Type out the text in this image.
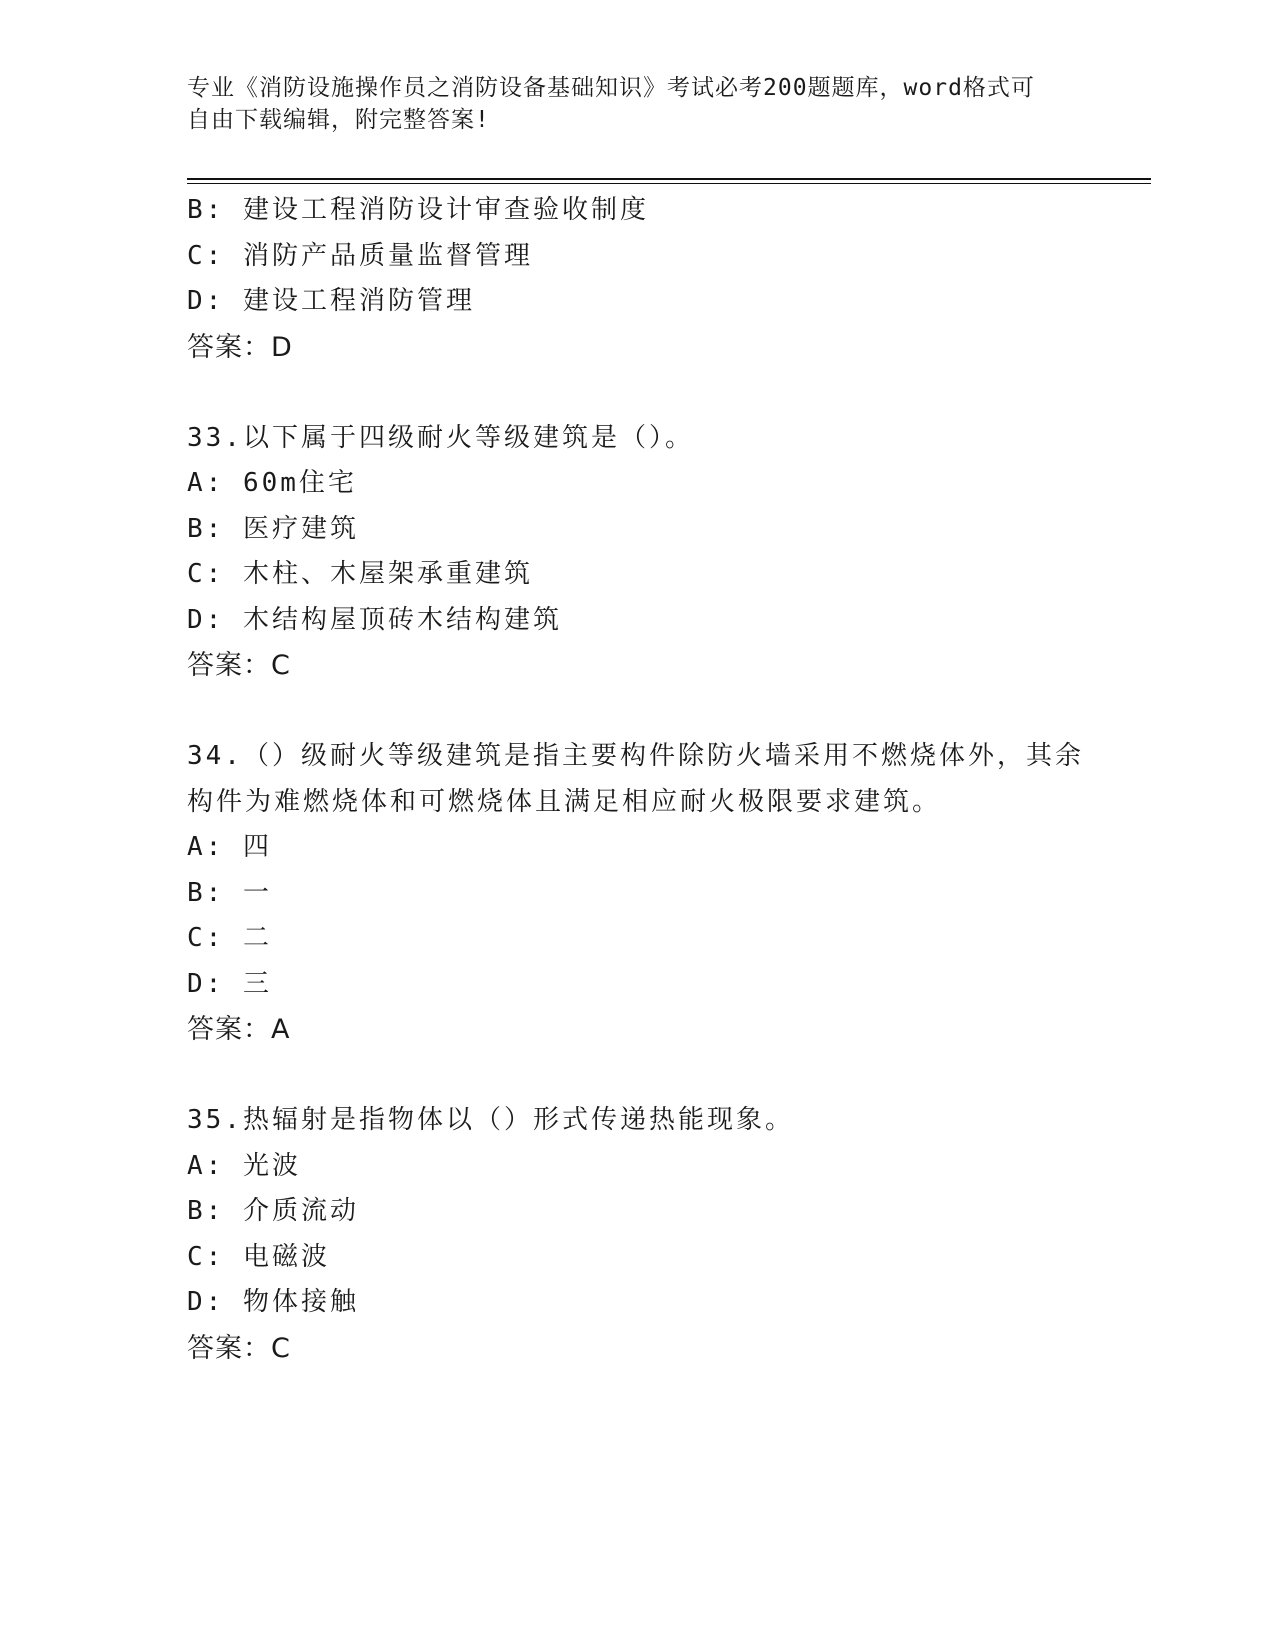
专业《消防设施操作员之消防设备基础知识》考试必考200题题库，word格式可
自由下载编辑，附完整答案!
B: 建设工程消防设计审查验收制度
C: 消防产品质量监督管理
D: 建设工程消防管理
答案：D
33.以下属于四级耐火等级建筑是（）。
A: 60m住宅
B: 医疗建筑
C: 木柱、木屋架承重建筑
D: 木结构屋顶砖木结构建筑
答案：C
34.（）级耐火等级建筑是指主要构件除防火墙采用不燃烧体外，其余
构件为难燃烧体和可燃烧体且满足相应耐火极限要求建筑。
A: 四
B: 一
C: 二
D: 三
答案：A
35.热辐射是指物体以（）形式传递热能现象。
A: 光波
B: 介质流动
C: 电磁波
D: 物体接触
答案：C
